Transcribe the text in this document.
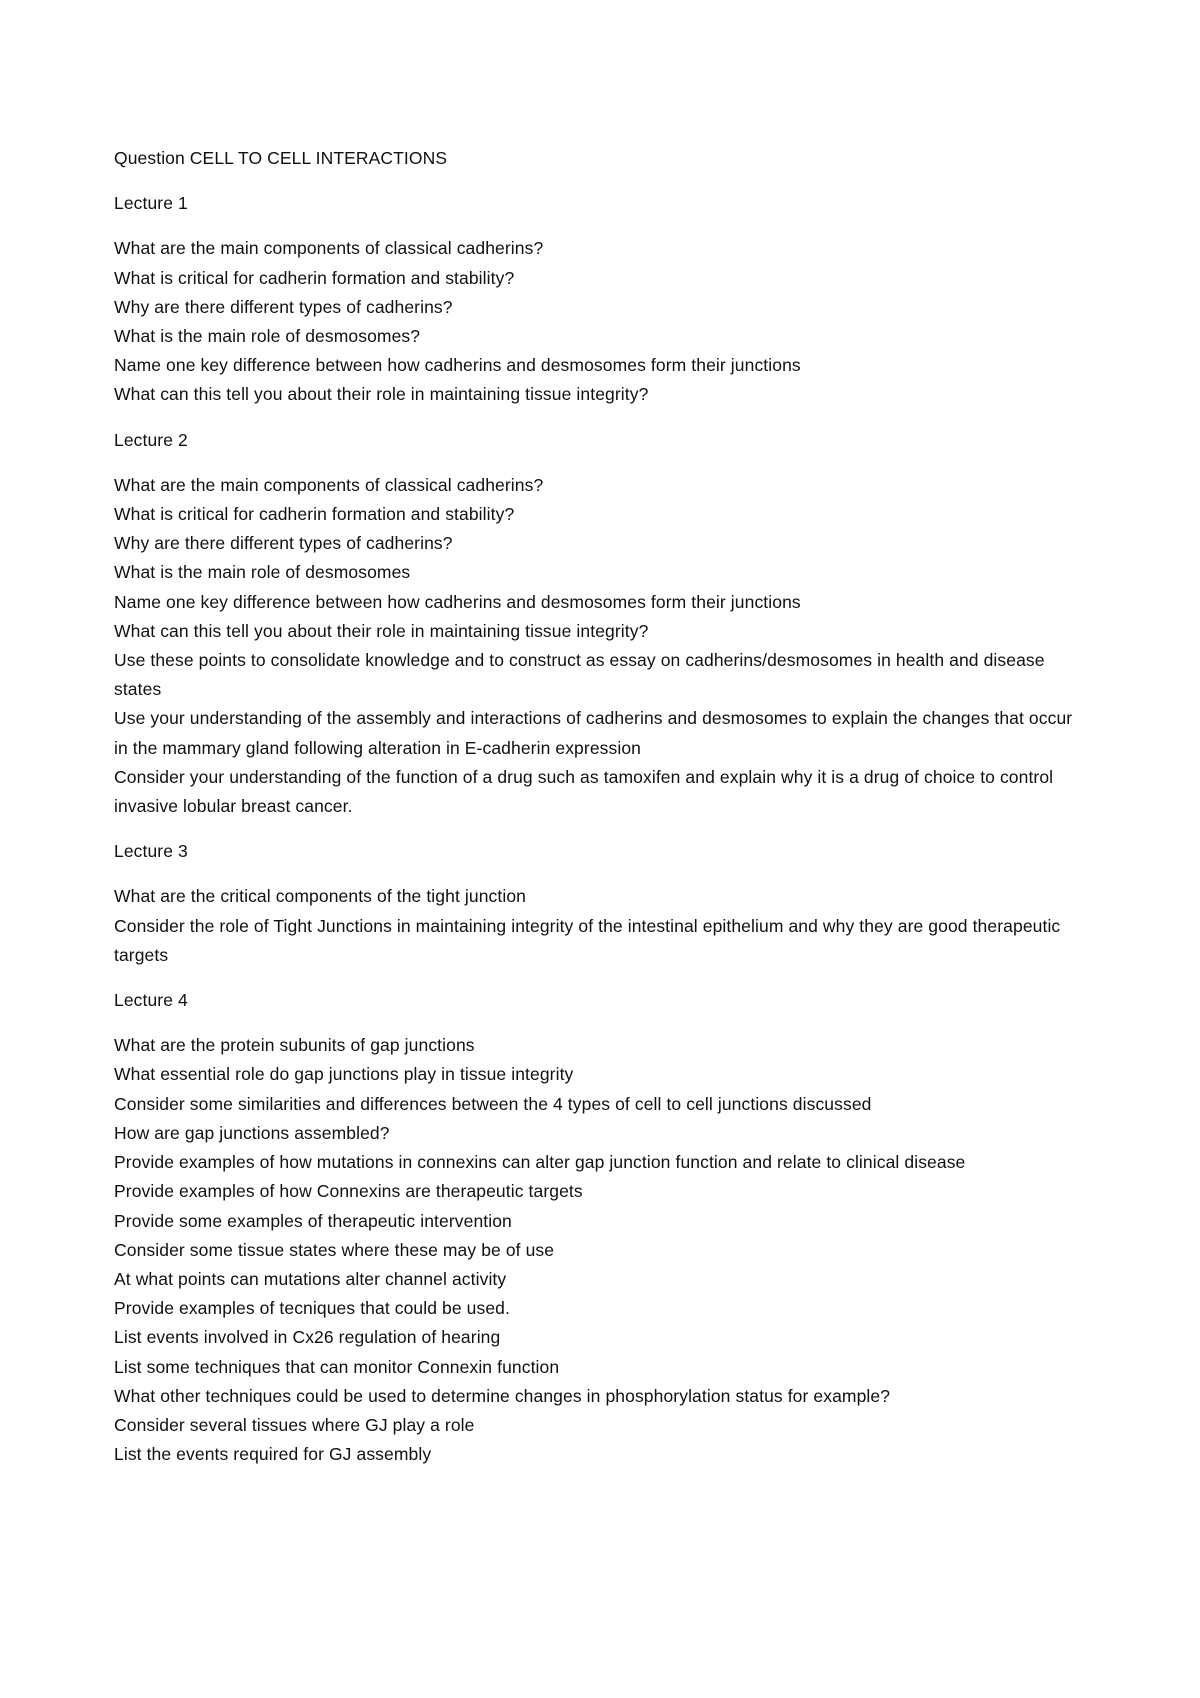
Question CELL TO CELL INTERACTIONS
Lecture 1
What are the main components of classical cadherins?
What is critical for cadherin formation and stability?
Why are there different types of cadherins?
What is the main role of desmosomes?
Name one key difference between how cadherins and desmosomes form their junctions
What can this tell you about their role in maintaining tissue integrity?
Lecture 2
What are the main components of classical cadherins?
What is critical for cadherin formation and stability?
Why are there different types of cadherins?
What is the main role of desmosomes
Name one key difference between how cadherins and desmosomes form their junctions
What can this tell you about their role in maintaining tissue integrity?
Use these points to consolidate knowledge and to construct as essay on cadherins/desmosomes in health and disease states
Use your understanding of the assembly and interactions of cadherins and desmosomes to explain the changes that occur in the mammary gland following alteration in E-cadherin expression
Consider your understanding of the function of a drug such as tamoxifen and explain why it is a drug of choice to control invasive lobular breast cancer.
Lecture 3
What are the critical components of the tight junction
Consider the role of Tight Junctions in maintaining integrity of the intestinal epithelium and why they are good therapeutic targets
Lecture 4
What are the protein subunits of gap junctions
What essential role do gap junctions play in tissue integrity
Consider some similarities and differences between the 4 types of cell to cell junctions discussed
How are gap junctions assembled?
Provide examples of how mutations in connexins can alter gap junction function and relate to clinical disease
Provide examples of how Connexins are therapeutic targets
Provide some examples of therapeutic intervention
Consider some tissue states where these may be of use
At what points can mutations alter channel activity
Provide examples of tecniques that could be used.
List events involved in Cx26 regulation of hearing
List some techniques that can monitor Connexin function
What other techniques could be used to determine changes in phosphorylation status for example?
Consider several tissues where GJ play a role
List the events required for GJ assembly
